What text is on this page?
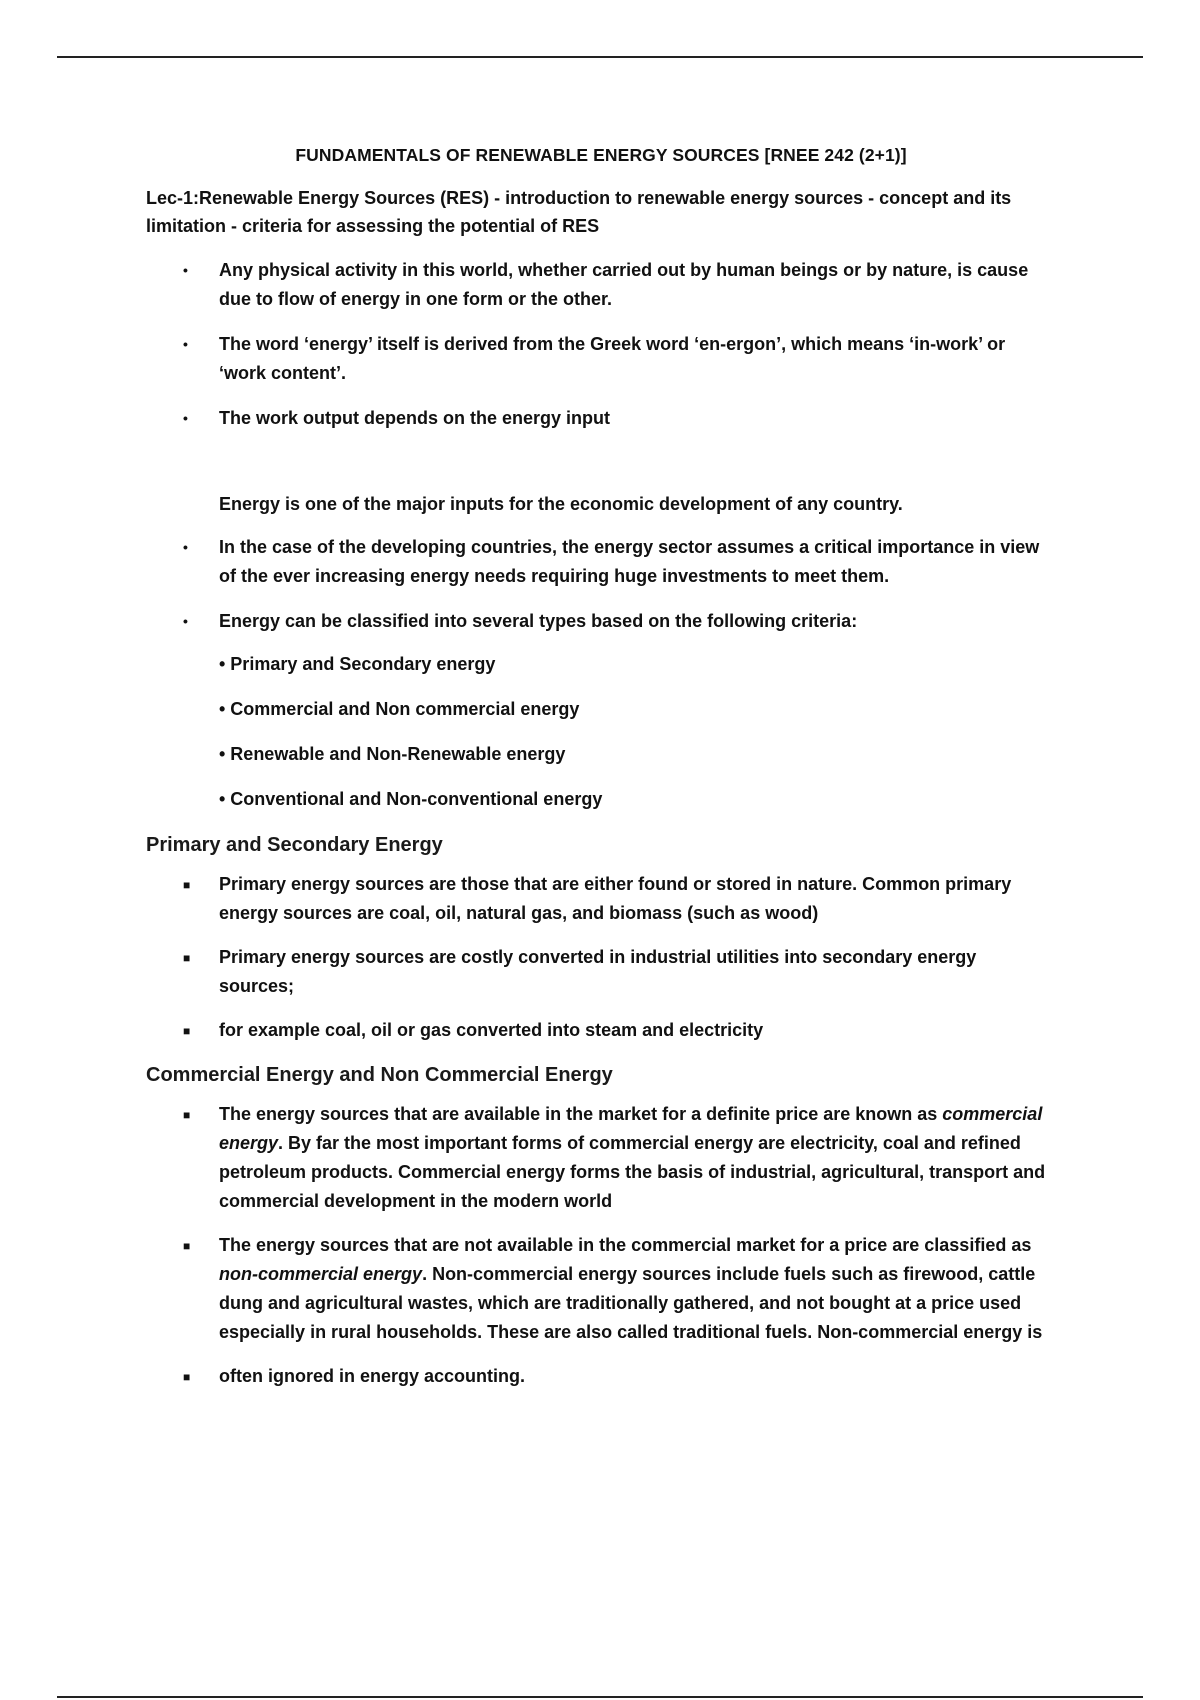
FUNDAMENTALS OF RENEWABLE ENERGY SOURCES [RNEE 242 (2+1)]
Lec-1:Renewable Energy Sources (RES) - introduction to renewable energy sources - concept and its limitation - criteria for assessing the potential of RES
• Any physical activity in this world, whether carried out by human beings or by nature, is cause due to flow of energy in one form or the other.
• The word ‘energy’ itself is derived from the Greek word ‘en-ergon’, which means ‘in-work’ or ‘work content’.
• The work output depends on the energy input
Energy is one of the major inputs for the economic development of any country.
• In the case of the developing countries, the energy sector assumes a critical importance in view of the ever increasing energy needs requiring huge investments to meet them.
• Energy can be classified into several types based on the following criteria:
• Primary and Secondary energy
• Commercial and Non commercial energy
• Renewable and Non-Renewable energy
• Conventional and Non-conventional energy
Primary and Secondary Energy
■ Primary energy sources are those that are either found or stored in nature. Common primary energy sources are coal, oil, natural gas, and biomass (such as wood)
■ Primary energy sources are costly converted in industrial utilities into secondary energy sources;
■ for example coal, oil or gas converted into steam and electricity
Commercial Energy and Non Commercial Energy
■ The energy sources that are available in the market for a definite price are known as commercial energy. By far the most important forms of commercial energy are electricity, coal and refined petroleum products. Commercial energy forms the basis of industrial, agricultural, transport and commercial development in the modern world
■ The energy sources that are not available in the commercial market for a price are classified as non-commercial energy. Non-commercial energy sources include fuels such as firewood, cattle dung and agricultural wastes, which are traditionally gathered, and not bought at a price used especially in rural households. These are also called traditional fuels. Non-commercial energy is
■ often ignored in energy accounting.
